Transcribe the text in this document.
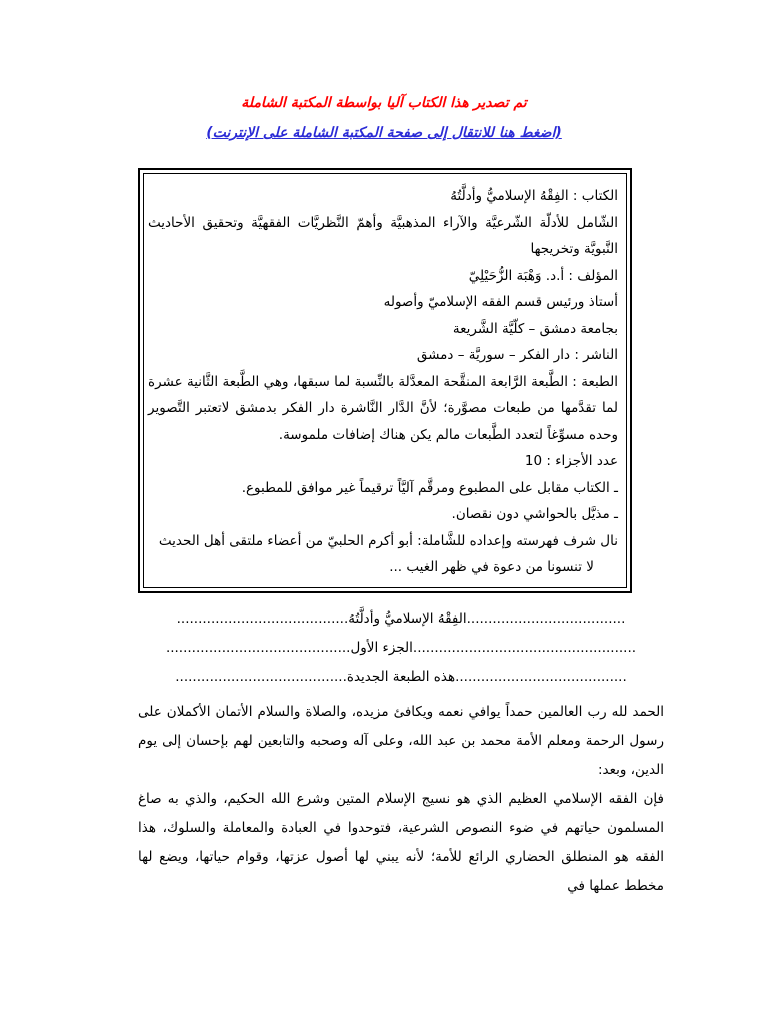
تم تصدير هذا الكتاب آليا بواسطة المكتبة الشاملة

(اضغط هنا للانتقال إلى صفحة المكتبة الشاملة على الإنترنت)

الكتاب : الفِقْهُ الإسلاميُّ وأدلَّتُهُ

الشّامل للأدلّة الشّرعيَّة والآراء المذهبيَّة وأهمّ النَّظريَّات الفقهيَّة وتحقيق الأحاديث النَّبويَّة وتخريجها

المؤلف : أ.د. وَهْبَة الزُّحَيْلِيّ

أستاذ ورئيس قسم الفقه الإسلاميّ وأصوله

بجامعة دمشق – كلّيَّة الشَّريعة

الناشر : دار الفكر – سوريَّة – دمشق

الطبعة : الطَّبعة الرَّابعة المنقَّحة المعدَّلة بالنِّسبة لما سبقها، وهي الطَّبعة الثَّانية عشرة لما تقدَّمها من طبعات مصوَّرة؛ لأنَّ الدَّار النَّاشرة دار الفكر بدمشق لاتعتبر التَّصوير وحده مسوِّغاً لتعدد الطَّبعات مالم يكن هناك إضافات ملموسة.

عدد الأجزاء : 10

ـ الكتاب مقابل على المطبوع ومرقَّم آليَّاً ترقيماً غير موافق للمطبوع.

ـ مذيَّل بالحواشي دون نقصان.

نال شرف فهرسته وإعداده للشَّاملة: أبو أكرم الحلبيّ من أعضاء ملتقى أهل الحديث

لا تنسونا من دعوة في ظهر الغيب ...

.....................................الفِقْهُ الإسلاميُّ وأدلَّتُهُ........................................

....................................................الجزء الأول...........................................

........................................هذه الطبعة الجديدة........................................

الحمد لله رب العالمين حمداً يوافي نعمه ويكافئ مزيده، والصلاة والسلام الأتمان الأكملان على رسول الرحمة ومعلم الأمة محمد بن عبد الله، وعلى آله وصحبه والتابعين لهم بإحسان إلى يوم الدين، وبعد:

فإن الفقه الإسلامي العظيم الذي هو نسيج الإسلام المتين وشرع الله الحكيم، والذي به صاغ المسلمون حياتهم في ضوء النصوص الشرعية، فتوحدوا في العبادة والمعاملة والسلوك، هذا الفقه هو المنطلق الحضاري الرائع للأمة؛ لأنه يبني لها أصول عزتها، وقوام حياتها، ويضع لها مخطط عملها في
